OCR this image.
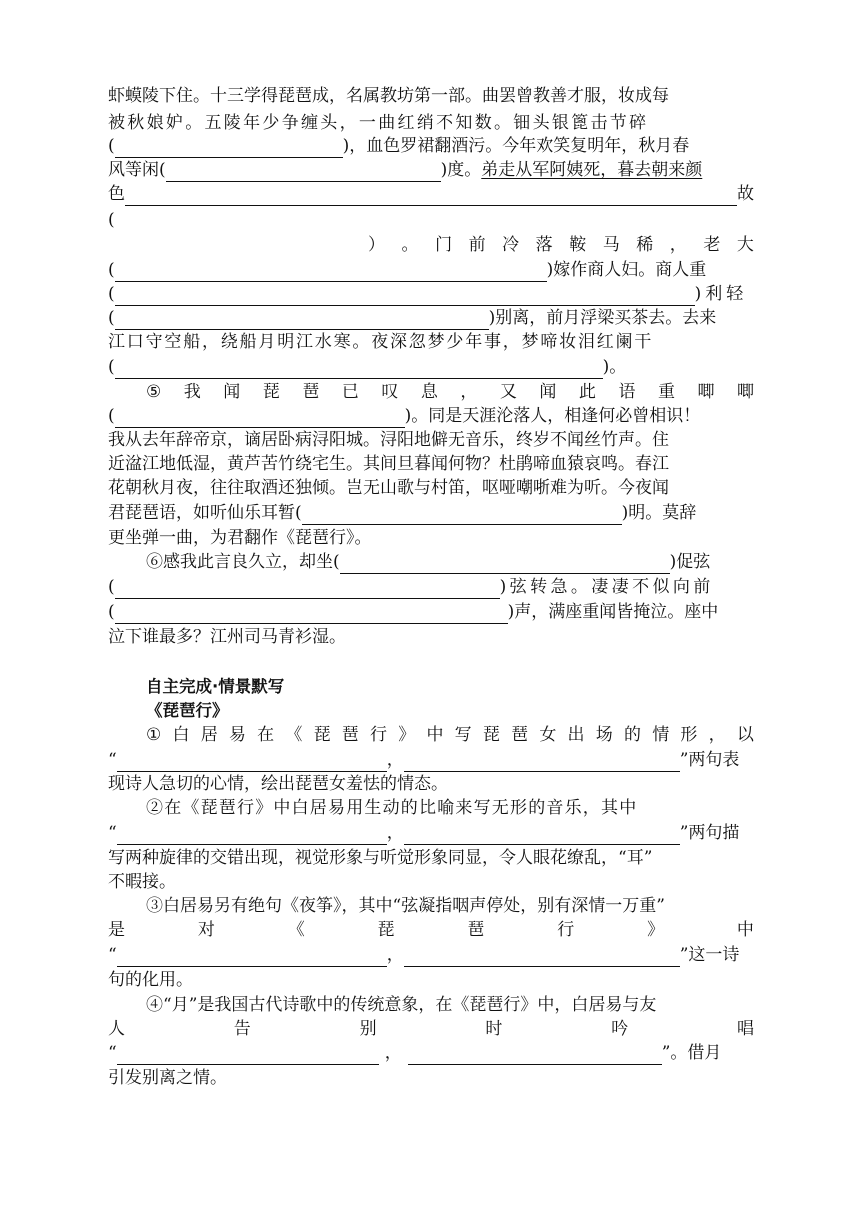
虾蟆陵下住。十三学得琵琶成，名属教坊第一部。曲罢曾教善才服，妆成每
被秋娘妒。五陵年少争缠头，一曲红绡不知数。钿头银篦击节碎
(	)，血色罗裙翻酒污。今年欢笑复明年，秋月春
风等闲(	)度。 弟走从军阿姨死，暮去朝来颜
色	故
(
） 。 门 前 冷 落 鞍 马 稀 ， 老 大
(	)嫁作商人妇。商人重
(	)利轻
(	)别离，前月浮梁买茶去。去来
江口守空船，绕船月明江水寒。夜深忽梦少年事，梦啼妆泪红阑干
(	)。
⑤ 我 闻 琵 琶 已 叹 息 ， 又 闻 此 语 重 唧 唧
(	)。同是天涯沦落人，相逢何必曾相识！
我从去年辞帝京，谪居卧病浔阳城。浔阳地僻无音乐，终岁不闻丝竹声。住
近湓江地低湿，黄芦苦竹绕宅生。其间旦暮闻何物？杜鹃啼血猿哀鸣。春江
花朝秋月夜，往往取酒还独倾。岂无山歌与村笛，呕哑嘲哳难为听。今夜闻
君琵琶语，如听仙乐耳暂(	)明。莫辞
更坐弹一曲，为君翻作《琵琶行》。
⑥感我此言良久立，却坐(	)促弦
(	)弦转急。凄凄不似向前
(	)声，满座重闻皆掩泣。座中
泣下谁最多？江州司马青衫湿。
自主完成·情景默写
《琵琶行》
① 白 居 易 在 《 琵 琶 行 》 中 写 琵 琶 女 出 场 的 情 形 ， 以
“	，	”两句表
现诗人急切的心情，绘出琵琶女羞怯的情态。
②在《琵琶行》中白居易用生动的比喻来写无形的音乐，其中
“	，	”两句描
写两种旋律的交错出现，视觉形象与听觉形象同显，令人眼花缭乱，“耳”
不暇接。
③白居易另有绝句《夜筝》，其中“弦凝指咽声停处，别有深情一万重”
是	对	《	琵	琶	行	》	中
“	，	”这一诗
句的化用。
④“月”是我国古代诗歌中的传统意象，在《琵琶行》中，白居易与友
人	告	别	时	吟	唱
“	，	”。借月
引发别离之情。
